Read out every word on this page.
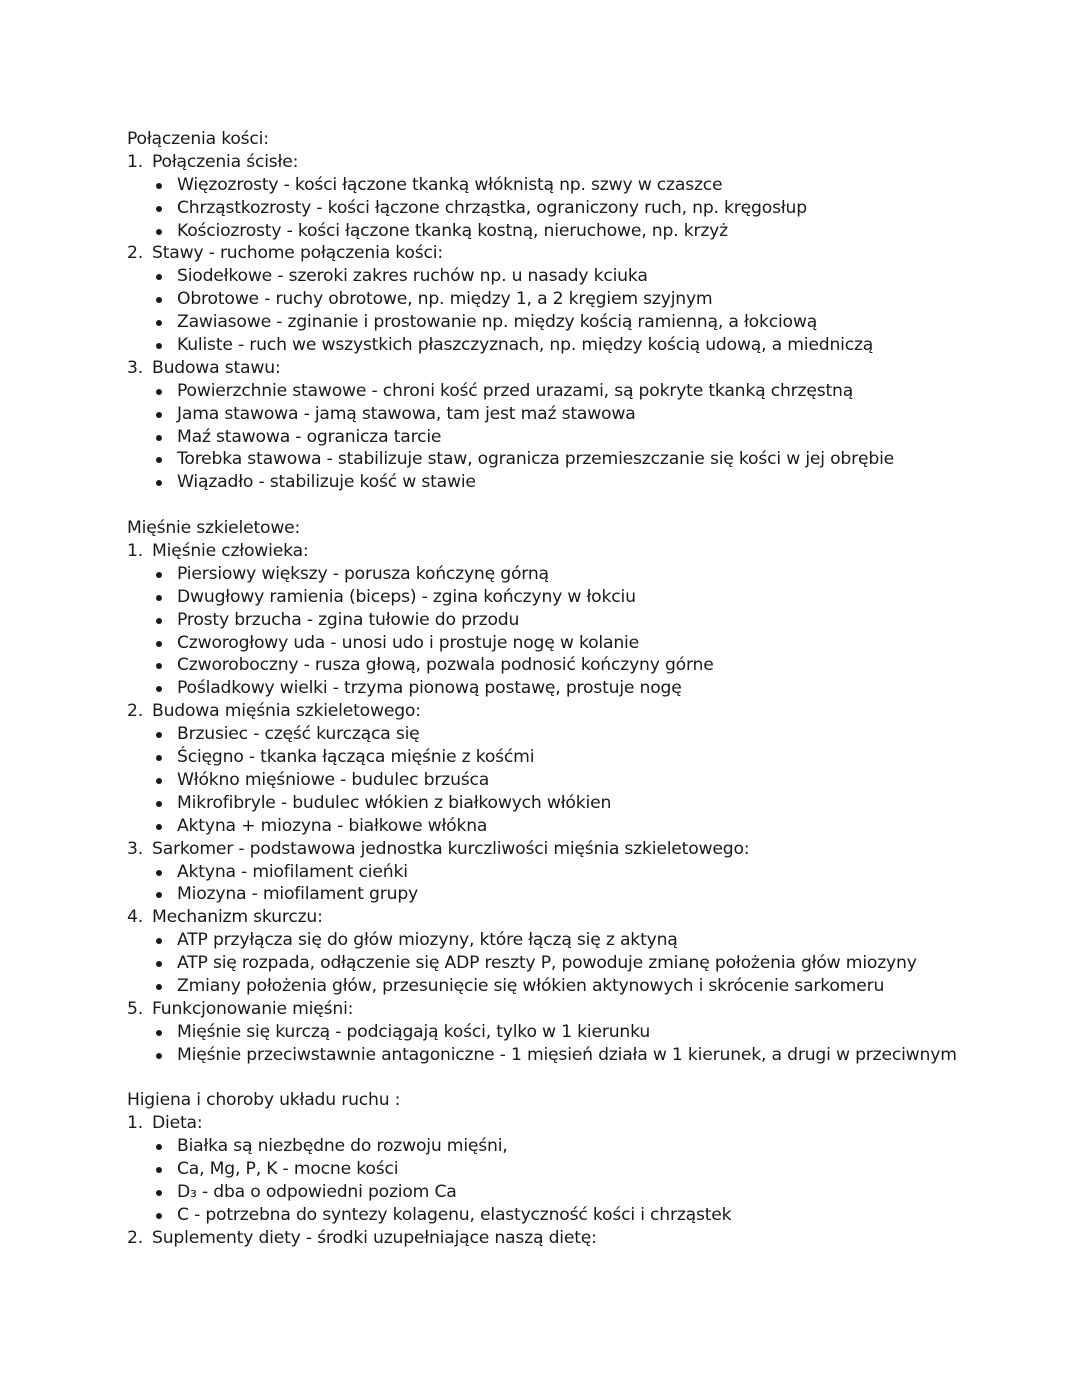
Połączenia kości:
1. Połączenia ścisłe:
Więzozrosty - kości łączone tkanką włóknistą np. szwy w czaszce
Chrząstkozrosty - kości łączone chrząstka, ograniczony ruch, np. kręgosłup
Kościozrosty - kości łączone tkanką kostną, nieruchowe, np. krzyż
2. Stawy - ruchome połączenia kości:
Siodełkowe - szeroki zakres ruchów np. u nasady kciuka
Obrotowe - ruchy obrotowe, np. między 1, a 2 kręgiem szyjnym
Zawiasowe - zginanie i prostowanie np. między kością ramienną, a łokciową
Kuliste - ruch we wszystkich płaszczyznach, np. między kością udową, a miedniczą
3. Budowa stawu:
Powierzchnie stawowe - chroni kość przed urazami, są pokryte tkanką chrzęstną
Jama stawowa - jamą stawowa, tam jest maź stawowa
Maź stawowa - ogranicza tarcie
Torebka stawowa - stabilizuje staw, ogranicza przemieszczanie się kości w jej obrębie
Wiązadło - stabilizuje kość w stawie
Mięśnie szkieletowe:
1. Mięśnie człowieka:
Piersiowy większy - porusza kończynę górną
Dwugłowy ramienia (biceps) - zgina kończyny w łokciu
Prosty brzucha - zgina tułowie do przodu
Czworogłowy uda - unosi udo i prostuje nogę w kolanie
Czworoboczny - rusza głową, pozwala podnosić kończyny górne
Pośladkowy wielki - trzyma pionową postawę, prostuje nogę
2. Budowa mięśnia szkieletowego:
Brzusiec - część kurcząca się
Ścięgno - tkanka łącząca mięśnie z kośćmi
Włókno mięśniowe - budulec brzuśca
Mikrofibryle - budulec włókien z białkowych włókien
Aktyna + miozyna - białkowe włókna
3. Sarkomer - podstawowa jednostka kurczliwości mięśnia szkieletowego:
Aktyna - miofilament cieńki
Miozyna - miofilament grupy
4. Mechanizm skurczu:
ATP przyłącza się do głów miozyny, które łączą się z aktyną
ATP się rozpada, odłączenie się ADP reszty P, powoduje zmianę położenia głów miozyny
Zmiany położenia głów, przesunięcie się włókien aktynowych i skrócenie sarkomeru
5. Funkcjonowanie mięśni:
Mięśnie się kurczą - podciągają kości, tylko w 1 kierunku
Mięśnie przeciwstawnie antagoniczne - 1 mięsień działa w 1 kierunek, a drugi w przeciwnym
Higiena i choroby układu ruchu :
1. Dieta:
Białka są niezbędne do rozwoju mięśni,
Ca, Mg, P, K - mocne kości
D₃ - dba o odpowiedni poziom Ca
C - potrzebna do syntezy kolagenu, elastyczność kości i chrząstek
2. Suplementy diety - środki uzupełniające naszą dietę:
